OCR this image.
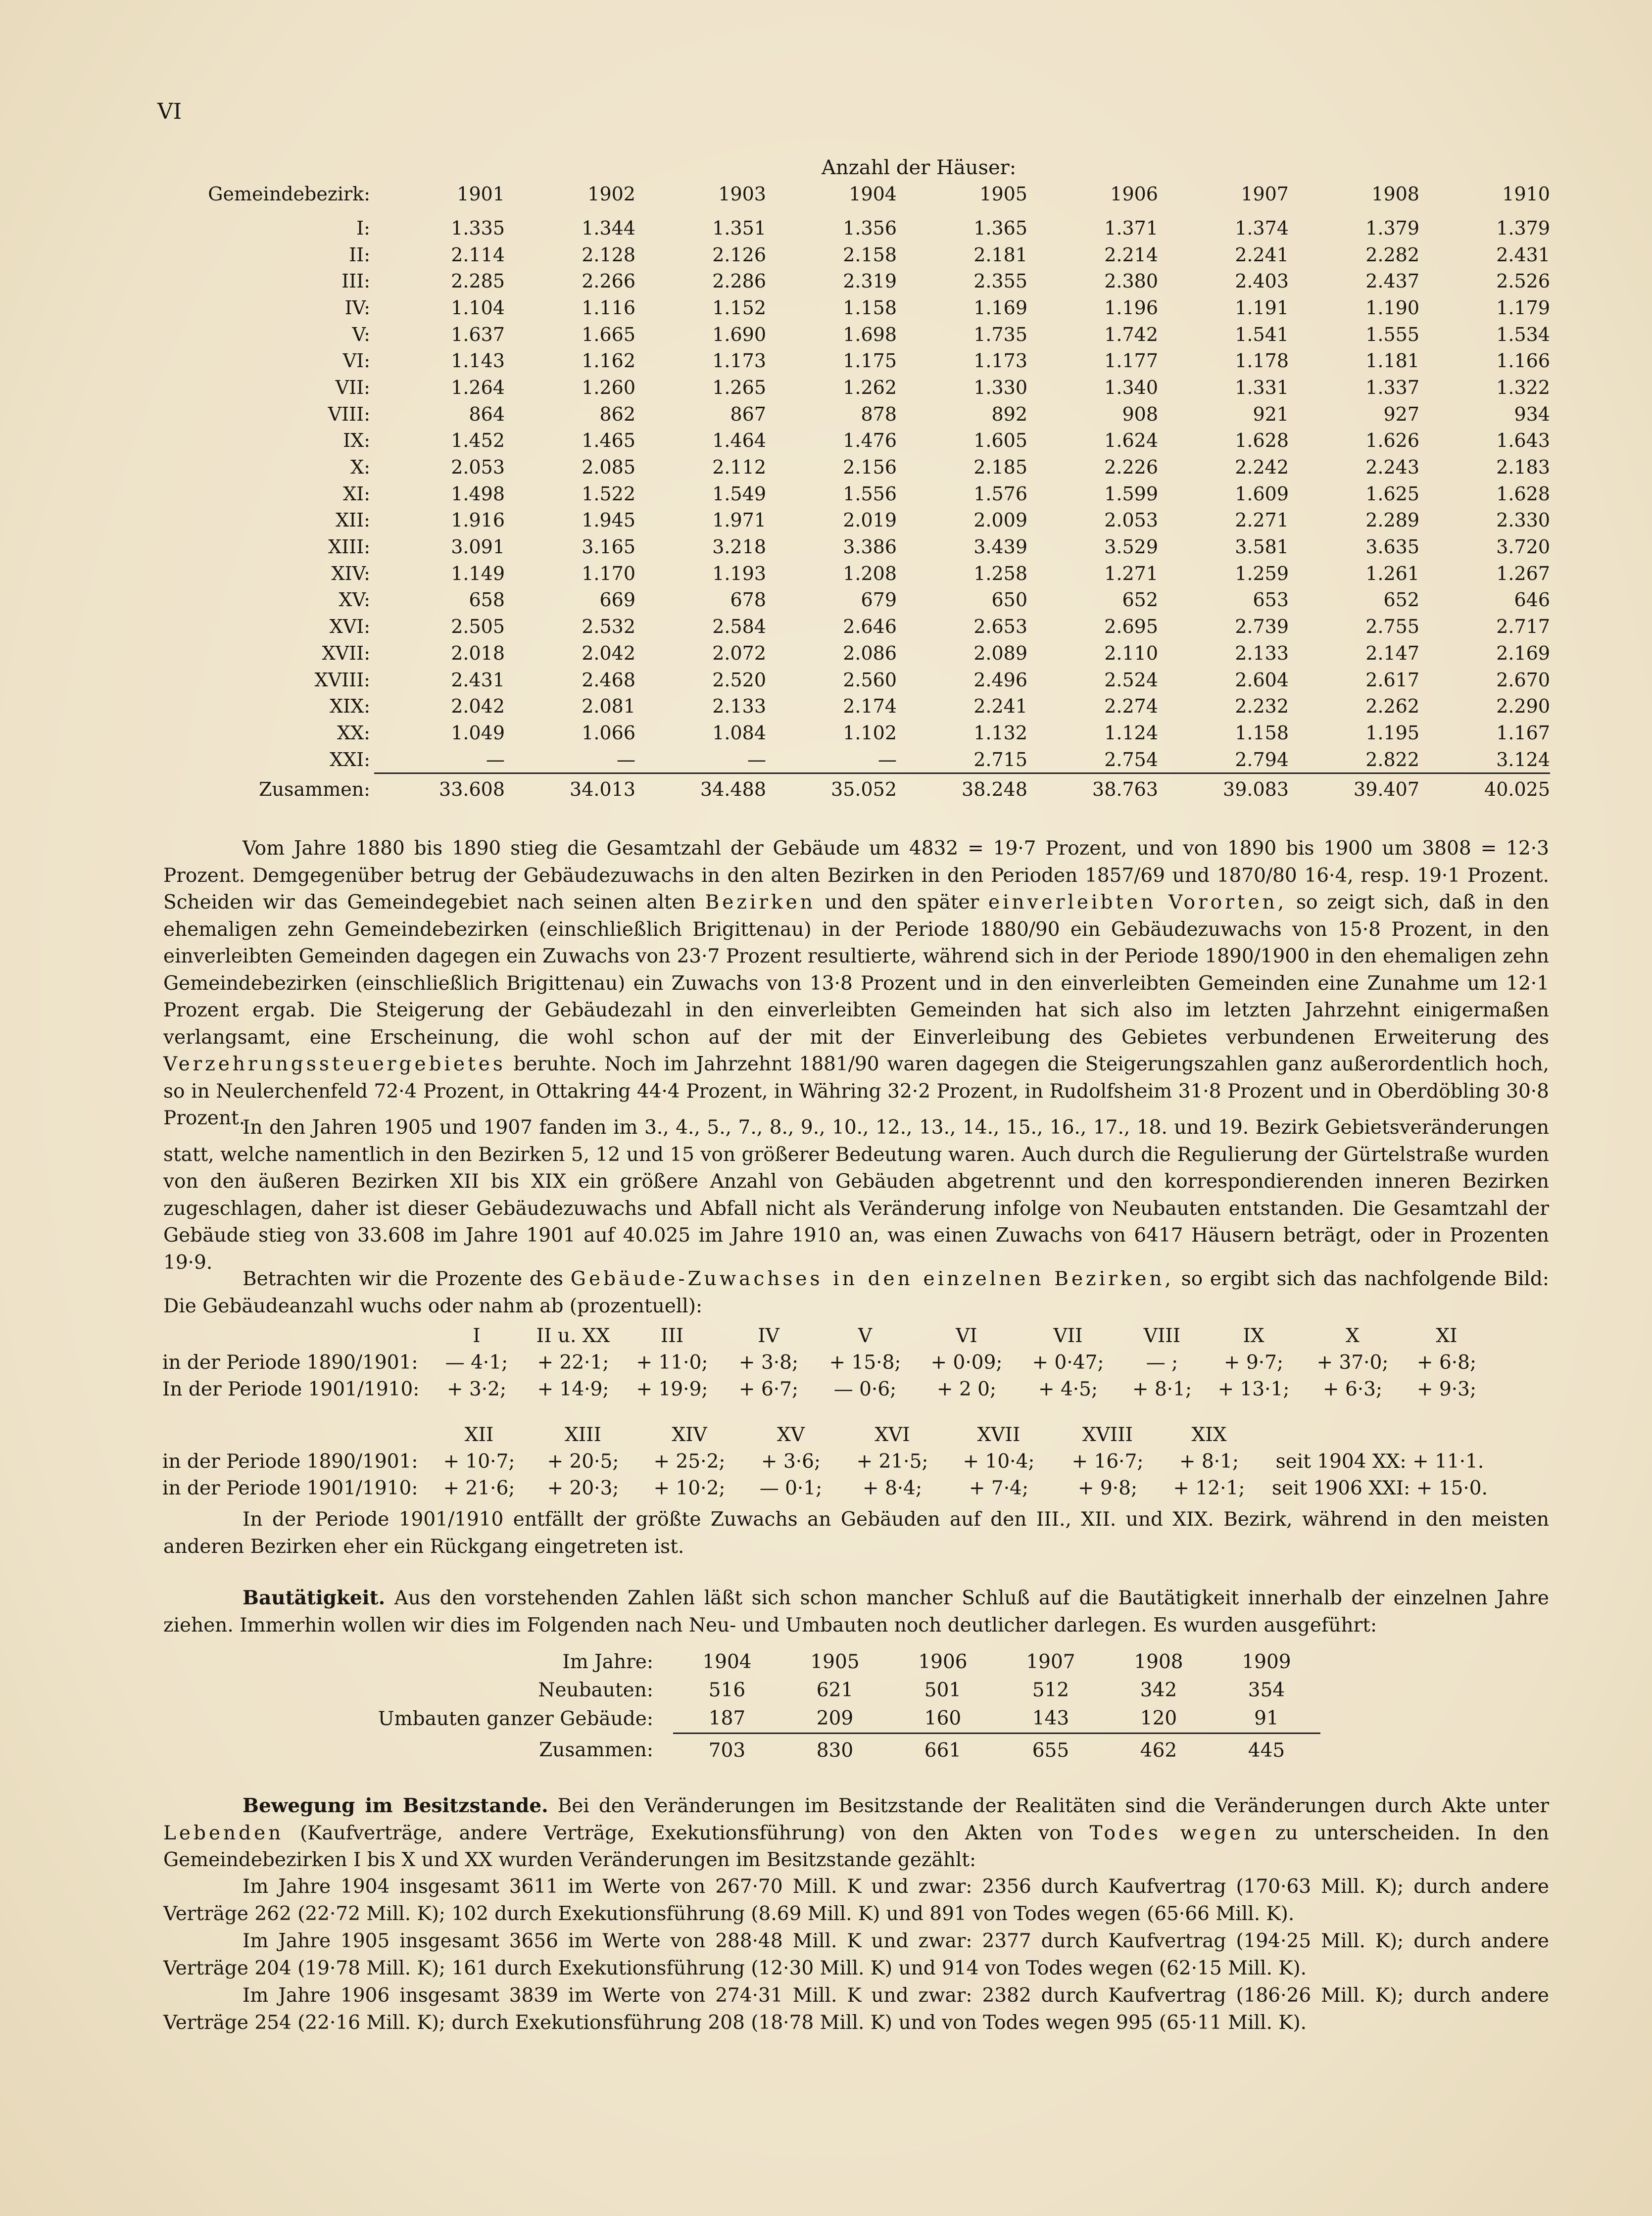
VI
Anzahl der Häuser:
Gemeindebezirk:	1901	1902	1903	1904	1905	1906	1907	1908	1910
I:	1.335	1.344	1.351	1.356	1.365	1.371	1.374	1.379	1.379
II:	2.114	2.128	2.126	2.158	2.181	2.214	2.241	2.282	2.431
III:	2.285	2.266	2.286	2.319	2.355	2.380	2.403	2.437	2.526
IV:	1.104	1.116	1.152	1.158	1.169	1.196	1.191	1.190	1.179
V:	1.637	1.665	1.690	1.698	1.735	1.742	1.541	1.555	1.534
VI:	1.143	1.162	1.173	1.175	1.173	1.177	1.178	1.181	1.166
VII:	1.264	1.260	1.265	1.262	1.330	1.340	1.331	1.337	1.322
VIII:	864	862	867	878	892	908	921	927	934
IX:	1.452	1.465	1.464	1.476	1.605	1.624	1.628	1.626	1.643
X:	2.053	2.085	2.112	2.156	2.185	2.226	2.242	2.243	2.183
XI:	1.498	1.522	1.549	1.556	1.576	1.599	1.609	1.625	1.628
XII:	1.916	1.945	1.971	2.019	2.009	2.053	2.271	2.289	2.330
XIII:	3.091	3.165	3.218	3.386	3.439	3.529	3.581	3.635	3.720
XIV:	1.149	1.170	1.193	1.208	1.258	1.271	1.259	1.261	1.267
XV:	658	669	678	679	650	652	653	652	646
XVI:	2.505	2.532	2.584	2.646	2.653	2.695	2.739	2.755	2.717
XVII:	2.018	2.042	2.072	2.086	2.089	2.110	2.133	2.147	2.169
XVIII:	2.431	2.468	2.520	2.560	2.496	2.524	2.604	2.617	2.670
XIX:	2.042	2.081	2.133	2.174	2.241	2.274	2.232	2.262	2.290
XX:	1.049	1.066	1.084	1.102	1.132	1.124	1.158	1.195	1.167
XXI:	—	—	—	—	2.715	2.754	2.794	2.822	3.124
Zusammen:	33.608	34.013	34.488	35.052	38.248	38.763	39.083	39.407	40.025

Vom Jahre 1880 bis 1890 stieg die Gesamtzahl der Gebäude um 4832 = 19·7 Prozent, und von 1890 bis 1900 um 3808 = 12·3 Prozent. Demgegenüber betrug der Gebäudezuwachs in den alten Bezirken in den Perioden 1857/69 und 1870/80 16·4, resp. 19·1 Prozent. Scheiden wir das Gemeindegebiet nach seinen alten Bezirken und den später einverleibten Vororten, so zeigt sich, daß in den ehemaligen zehn Gemeindebezirken (einschließlich Brigittenau) in der Periode 1880/90 ein Gebäudezuwachs von 15·8 Prozent, in den einverleibten Gemeinden dagegen ein Zuwachs von 23·7 Prozent resultierte, während sich in der Periode 1890/1900 in den ehemaligen zehn Gemeindebezirken (einschließlich Brigittenau) ein Zuwachs von 13·8 Prozent und in den einverleibten Gemeinden eine Zunahme um 12·1 Prozent ergab. Die Steigerung der Gebäudezahl in den einverleibten Gemeinden hat sich also im letzten Jahrzehnt einigermaßen verlangsamt, eine Erscheinung, die wohl schon auf der mit der Einverleibung des Gebietes verbundenen Erweiterung des Verzehrungssteuergebietes beruhte. Noch im Jahrzehnt 1881/90 waren dagegen die Steigerungszahlen ganz außerordentlich hoch, so in Neulerchenfeld 72·4 Prozent, in Ottakring 44·4 Prozent, in Währing 32·2 Prozent, in Rudolfsheim 31·8 Prozent und in Oberdöbling 30·8 Prozent.

In den Jahren 1905 und 1907 fanden im 3., 4., 5., 7., 8., 9., 10., 12., 13., 14., 15., 16., 17., 18. und 19. Bezirk Gebietsveränderungen statt, welche namentlich in den Bezirken 5, 12 und 15 von größerer Bedeutung waren. Auch durch die Regulierung der Gürtelstraße wurden von den äußeren Bezirken XII bis XIX ein größere Anzahl von Gebäuden abgetrennt und den korrespondierenden inneren Bezirken zugeschlagen, daher ist dieser Gebäudezuwachs und Abfall nicht als Veränderung infolge von Neubauten entstanden. Die Gesamtzahl der Gebäude stieg von 33.608 im Jahre 1901 auf 40.025 im Jahre 1910 an, was einen Zuwachs von 6417 Häusern beträgt, oder in Prozenten 19·9.

Betrachten wir die Prozente des Gebäude-Zuwachses in den einzelnen Bezirken, so ergibt sich das nachfolgende Bild: Die Gebäudeanzahl wuchs oder nahm ab (prozentuell):

	I	II u. XX	III	IV	V	VI	VII	VIII	IX	X	XI
in der Periode 1890/1901:	— 4·1;	+ 22·1;	+ 11·0;	+ 3·8;	+ 15·8;	+ 0·09;	+ 0·47;	— ;	+ 9·7;	+ 37·0;	+ 6·8;
In der Periode 1901/1910:	+ 3·2;	+ 14·9;	+ 19·9;	+ 6·7;	— 0·6;	+ 2 0;	+ 4·5;	+ 8·1;	+ 13·1;	+ 6·3;	+ 9·3;
	XII	XIII	XIV	XV	XVI	XVII	XVIII	XIX	
in der Periode 1890/1901:	+ 10·7;	+ 20·5;	+ 25·2;	+ 3·6;	+ 21·5;	+ 10·4;	+ 16·7;	+ 8·1;	seit 1904 XX: + 11·1.
in der Periode 1901/1910:	+ 21·6;	+ 20·3;	+ 10·2;	— 0·1;	+ 8·4;	+ 7·4;	+ 9·8;	+ 12·1;	seit 1906 XXI: + 15·0.

In der Periode 1901/1910 entfällt der größte Zuwachs an Gebäuden auf den III., XII. und XIX. Bezirk, während in den meisten anderen Bezirken eher ein Rückgang eingetreten ist.

Bautätigkeit. Aus den vorstehenden Zahlen läßt sich schon mancher Schluß auf die Bautätigkeit innerhalb der einzelnen Jahre ziehen. Immerhin wollen wir dies im Folgenden nach Neu- und Umbauten noch deutlicher darlegen. Es wurden ausgeführt:

Im Jahre:	1904	1905	1906	1907	1908	1909
Neubauten:	516	621	501	512	342	354
Umbauten ganzer Gebäude:	187	209	160	143	120	91
Zusammen:	703	830	661	655	462	445

Bewegung im Besitzstande. Bei den Veränderungen im Besitzstande der Realitäten sind die Veränderungen durch Akte unter Lebenden (Kaufverträge, andere Verträge, Exekutionsführung) von den Akten von Todes wegen zu unterscheiden. In den Gemeindebezirken I bis X und XX wurden Veränderungen im Besitzstande gezählt:

Im Jahre 1904 insgesamt 3611 im Werte von 267·70 Mill. K und zwar: 2356 durch Kaufvertrag (170·63 Mill. K); durch andere Verträge 262 (22·72 Mill. K); 102 durch Exekutionsführung (8.69 Mill. K) und 891 von Todes wegen (65·66 Mill. K).

Im Jahre 1905 insgesamt 3656 im Werte von 288·48 Mill. K und zwar: 2377 durch Kaufvertrag (194·25 Mill. K); durch andere Verträge 204 (19·78 Mill. K); 161 durch Exekutionsführung (12·30 Mill. K) und 914 von Todes wegen (62·15 Mill. K).

Im Jahre 1906 insgesamt 3839 im Werte von 274·31 Mill. K und zwar: 2382 durch Kaufvertrag (186·26 Mill. K); durch andere Verträge 254 (22·16 Mill. K); durch Exekutionsführung 208 (18·78 Mill. K) und von Todes wegen 995 (65·11 Mill. K).
